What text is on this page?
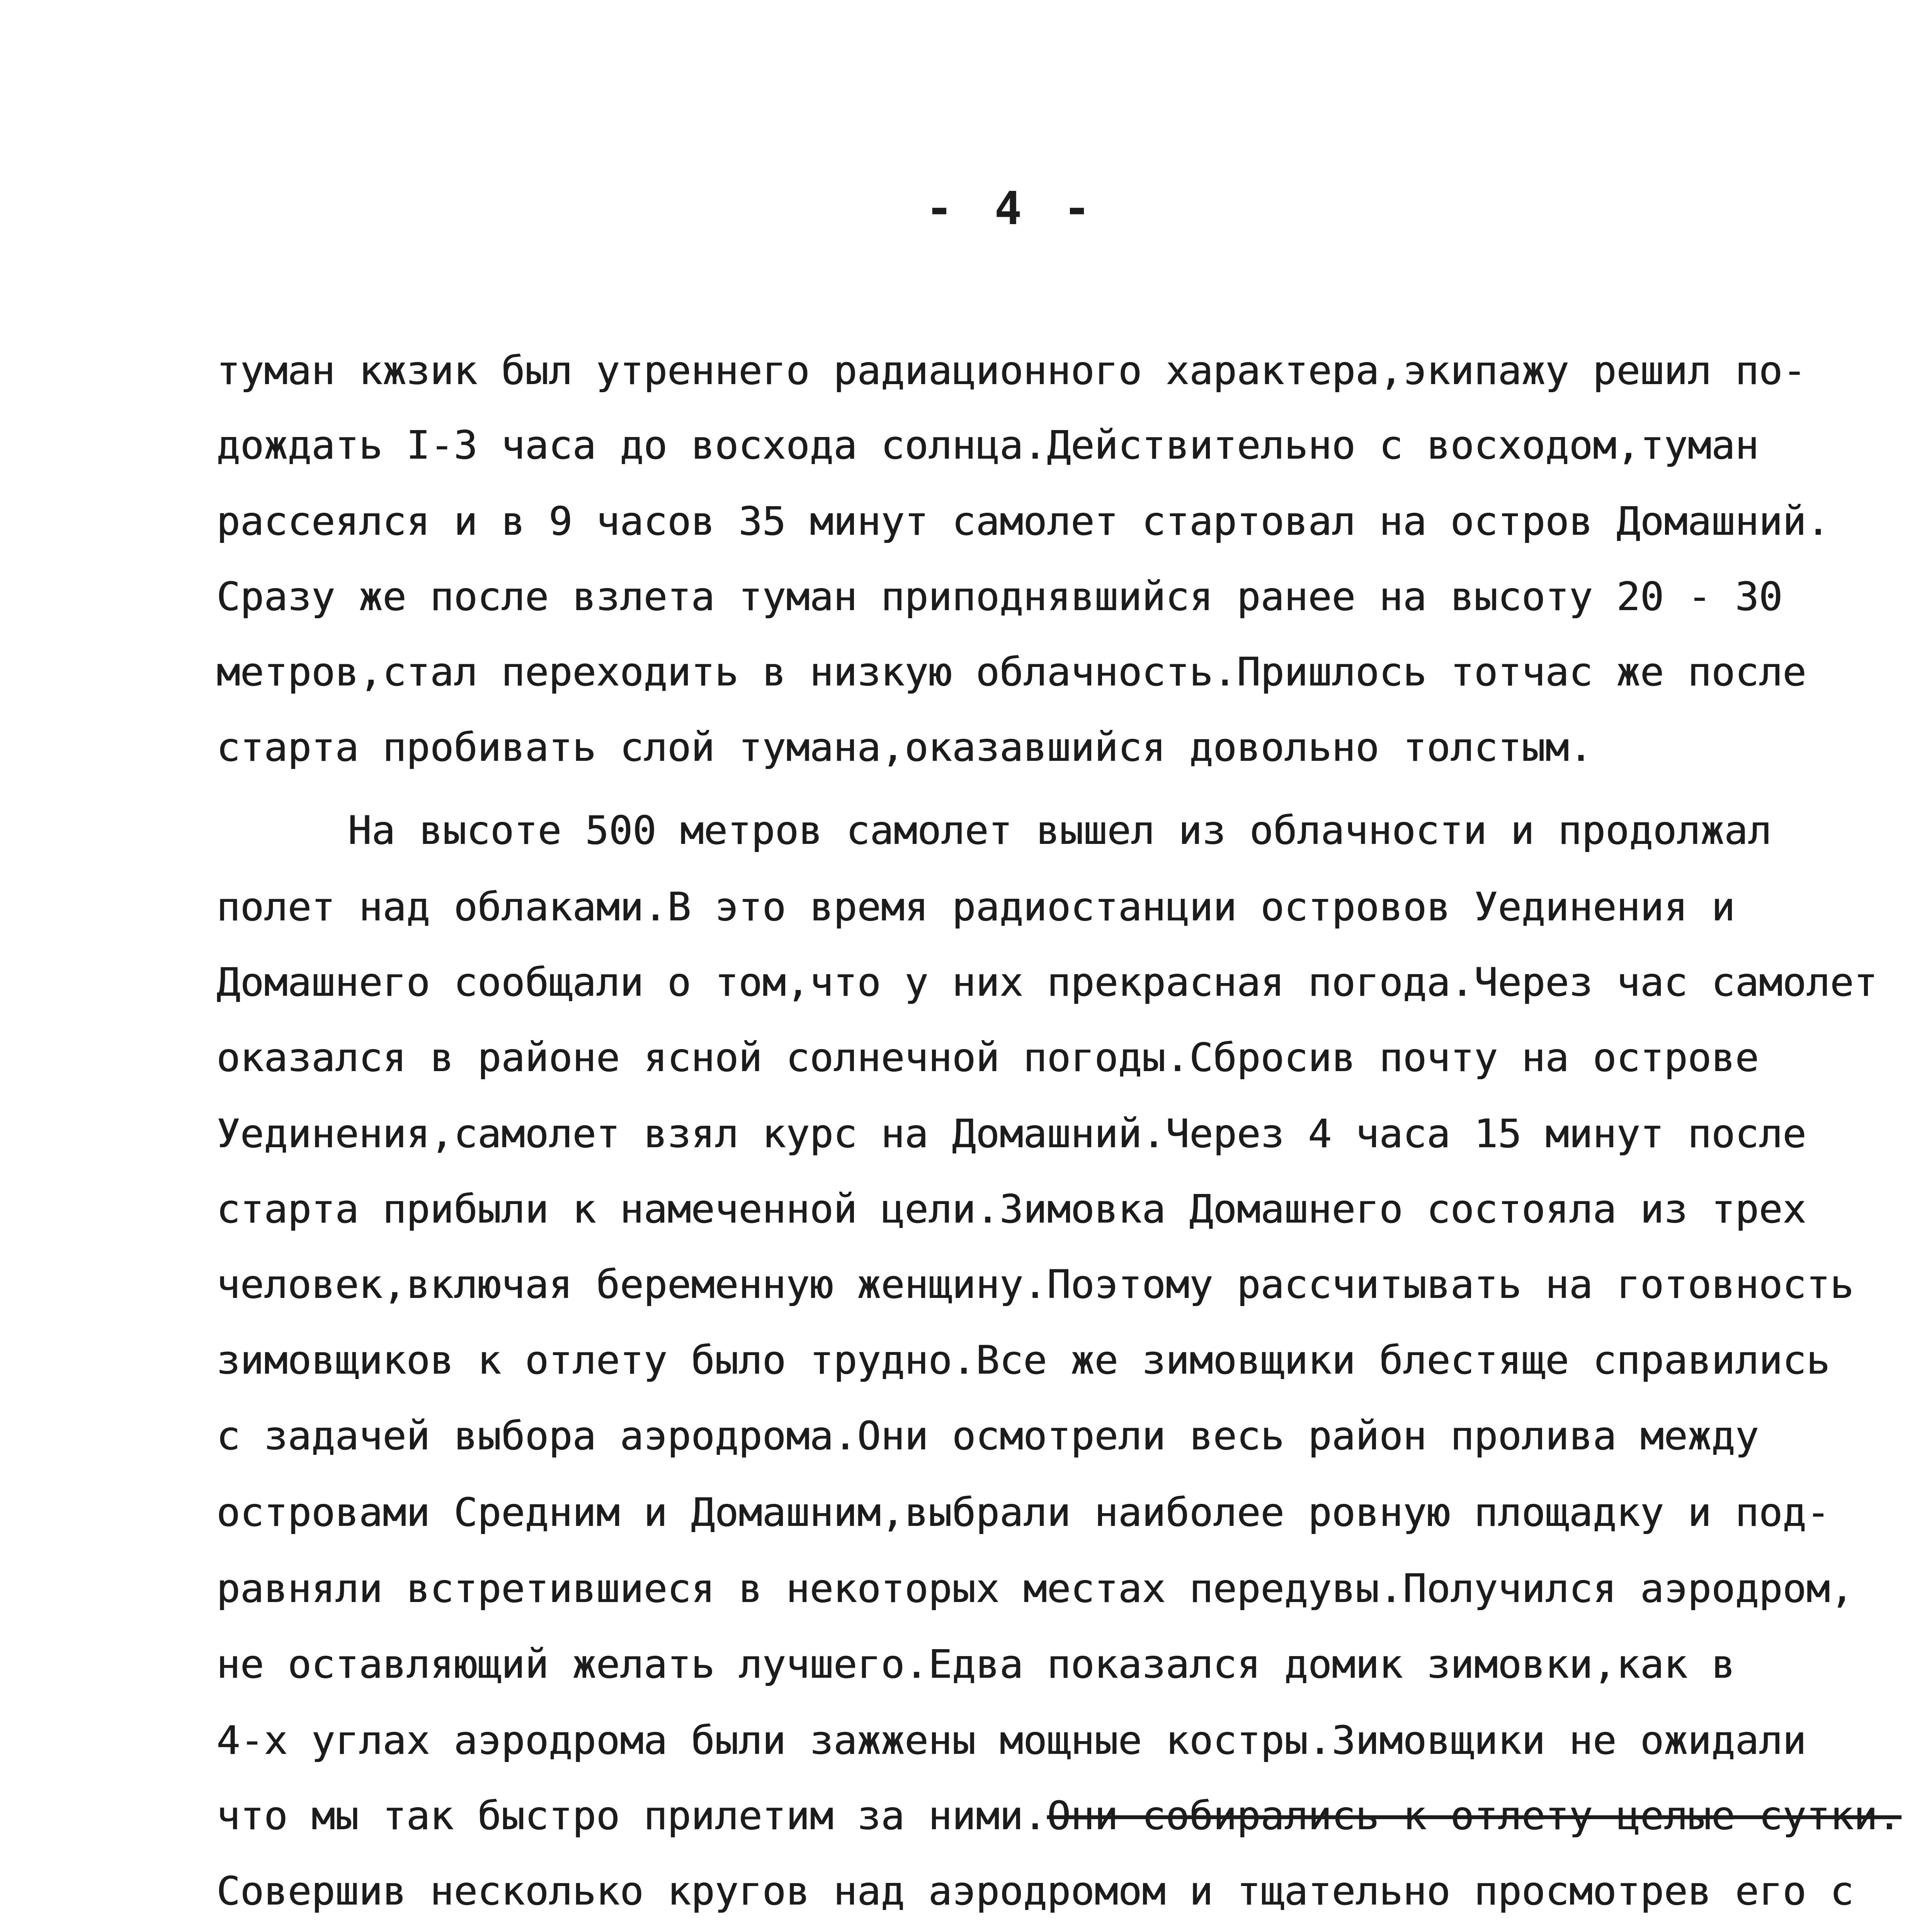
- 4 -
туман кжзик был утреннего радиационного характера,экипажу решил по-
дождать I-3 часа до восхода солнца.Действительно с восходом,туман
рассеялся и в 9 часов 35 минут самолет стартовал на остров Домашний.
Сразу же после взлета туман приподнявшийся ранее на высоту 20 - 30
метров,стал переходить в низкую облачность.Пришлось тотчас же после
старта пробивать слой тумана,оказавшийся довольно толстым.
На высоте 500 метров самолет вышел из облачности и продолжал
полет над облаками.В это время радиостанции островов Уединения и
Домашнего сообщали о том,что у них прекрасная погода.Через час самолет
оказался в районе ясной солнечной погоды.Сбросив почту на острове
Уединения,самолет взял курс на Домашний.Через 4 часа 15 минут после
старта прибыли к намеченной цели.Зимовка Домашнего состояла из трех
человек,включая беременную женщину.Поэтому рассчитывать на готовность
зимовщиков к отлету было трудно.Все же зимовщики блестяще справились
с задачей выбора аэродрома.Они осмотрели весь район пролива между
островами Средним и Домашним,выбрали наиболее ровную площадку и под-
равняли встретившиеся в некоторых местах передувы.Получился аэродром,
не оставляющий желать лучшего.Едва показался домик зимовки,как в
4-х углах аэродрома были зажжены мощные костры.Зимовщики не ожидали
что мы так быстро прилетим за ними.Они собирались к отлету целые сутки.
Совершив несколько кругов над аэродромом и тщательно просмотрев его с
